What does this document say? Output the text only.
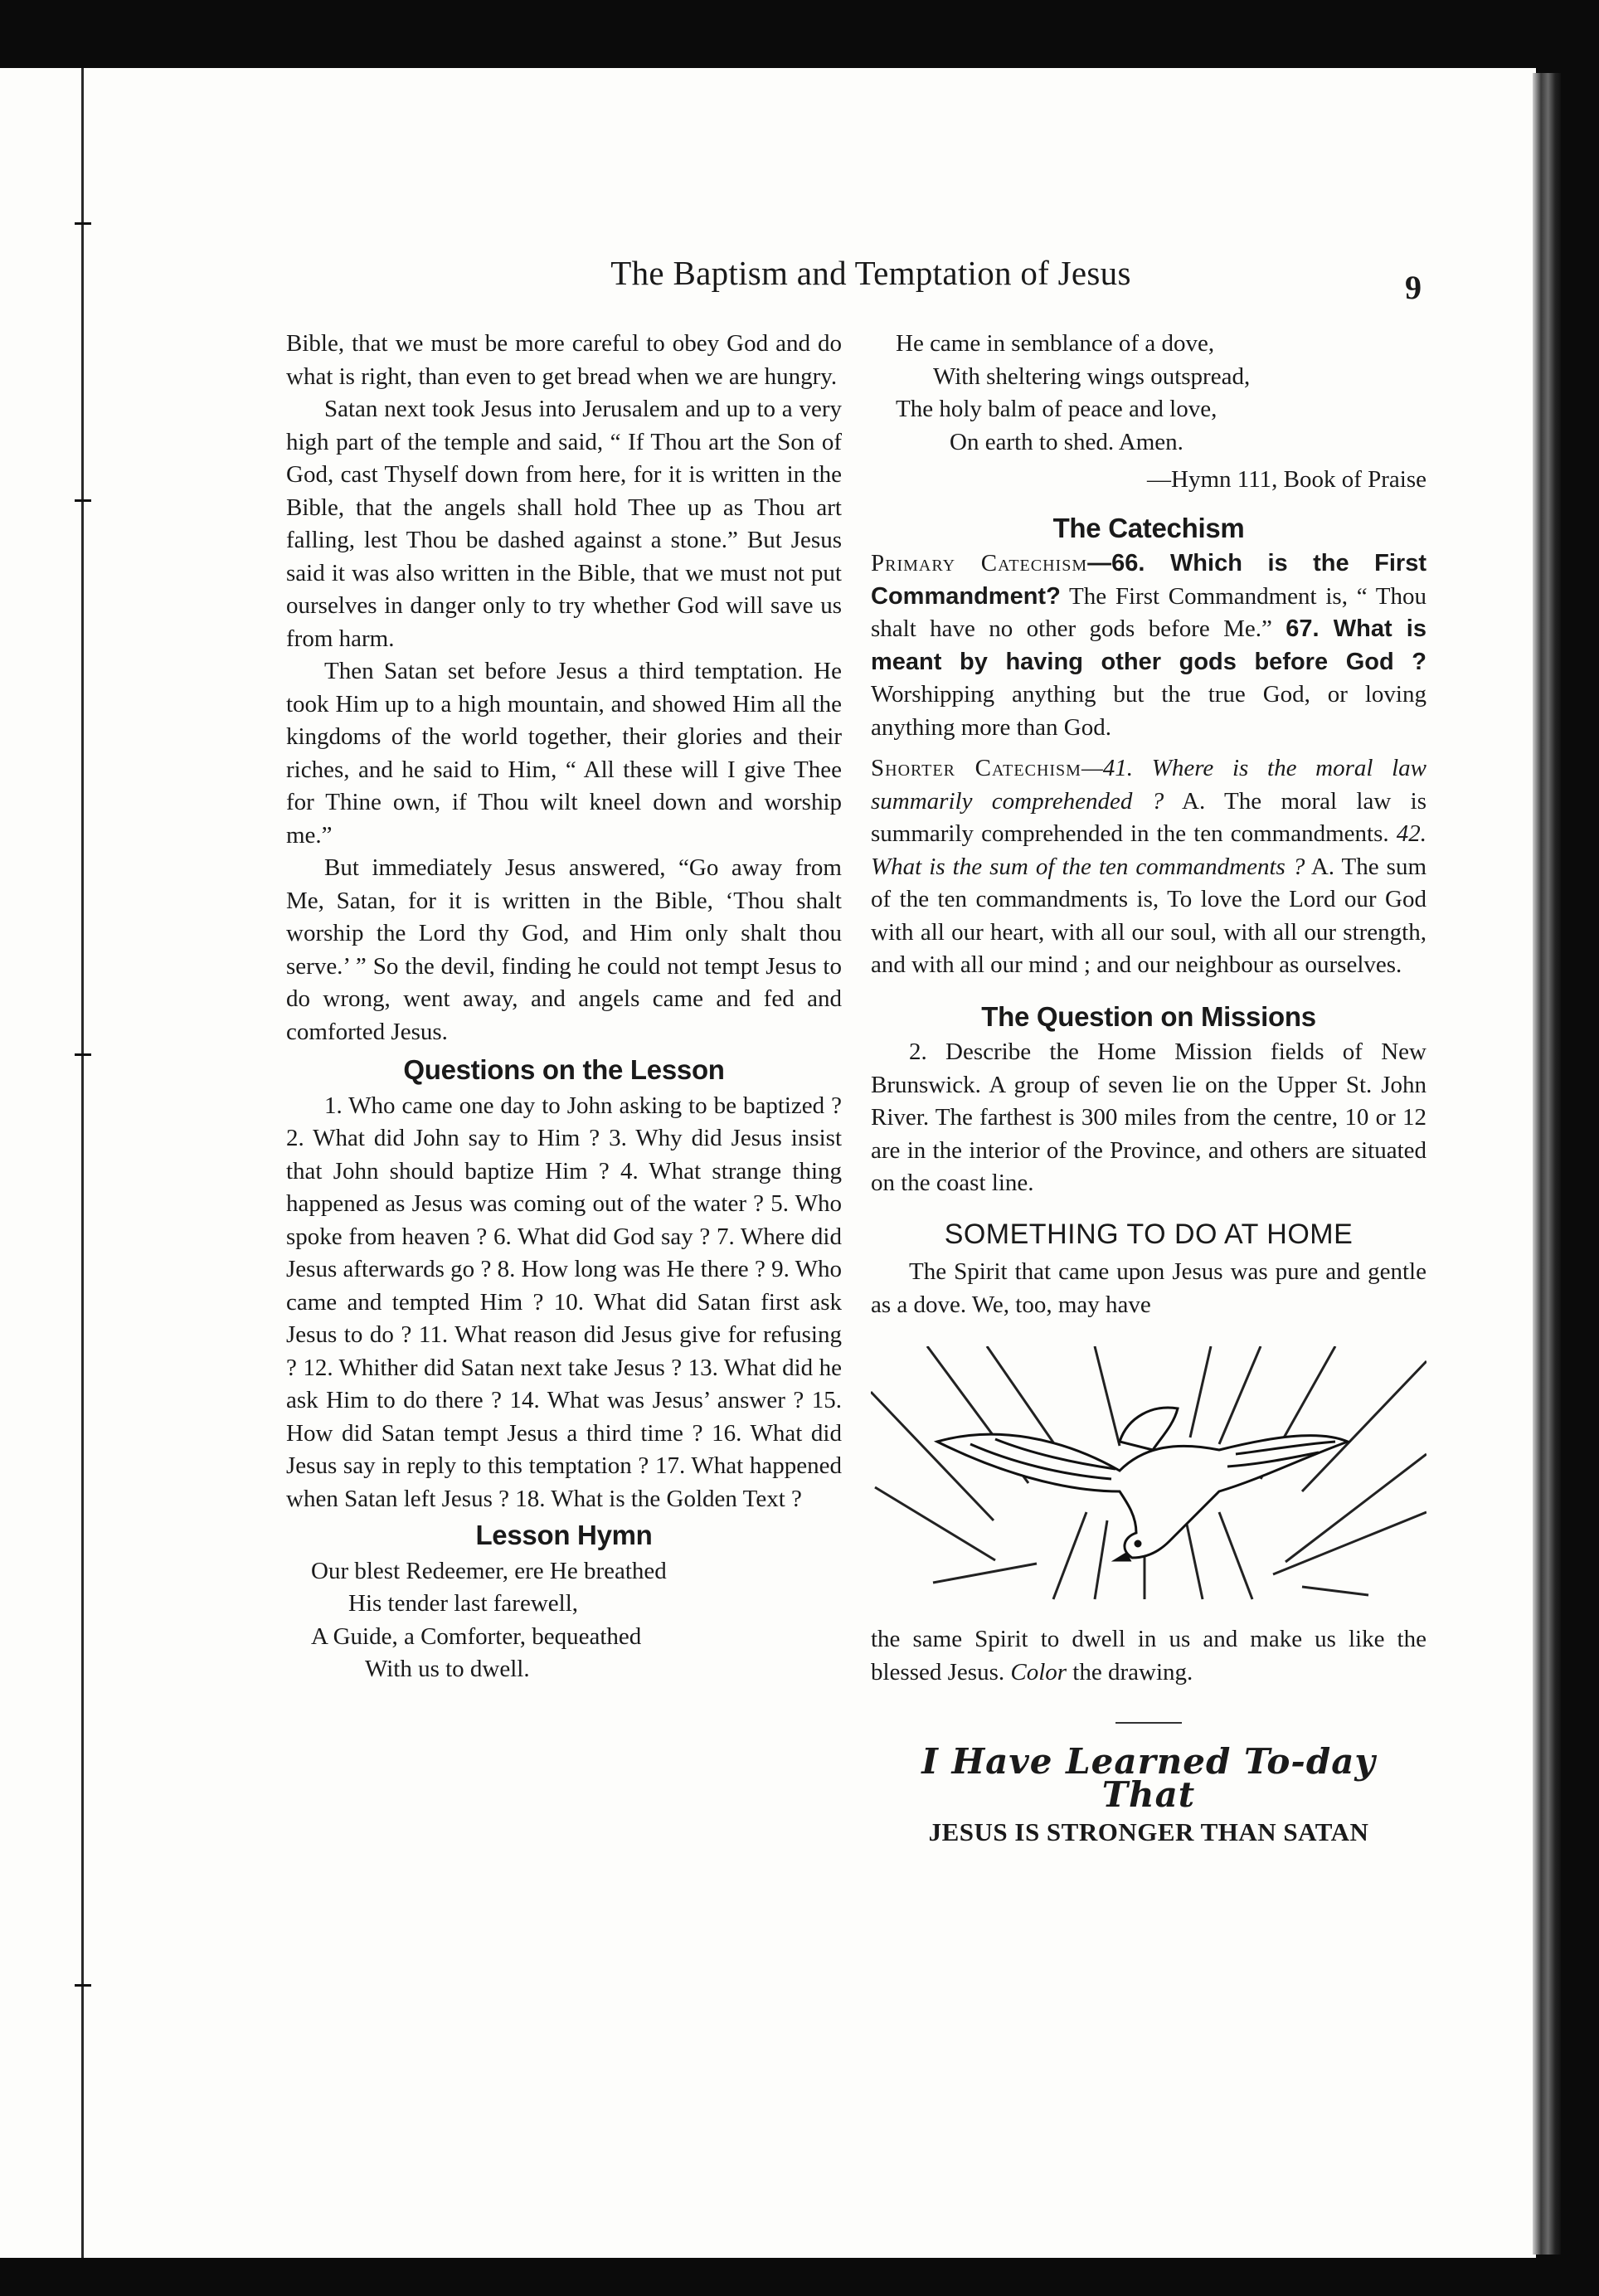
The Baptism and Temptation of Jesus	9

Bible, that we must be more careful to obey God and do what is right, than even to get bread when we are hungry.

Satan next took Jesus into Jerusalem and up to a very high part of the temple and said, “ If Thou art the Son of God, cast Thyself down from here, for it is written in the Bible, that the angels shall hold Thee up as Thou art falling, lest Thou be dashed against a stone.” But Jesus said it was also written in the Bible, that we must not put ourselves in danger only to try whether God will save us from harm.

Then Satan set before Jesus a third temptation. He took Him up to a high mountain, and showed Him all the kingdoms of the world together, their glories and their riches, and he said to Him, “ All these will I give Thee for Thine own, if Thou wilt kneel down and worship me.”

But immediately Jesus answered, “Go away from Me, Satan, for it is written in the Bible, ‘Thou shalt worship the Lord thy God, and Him only shalt thou serve.’ ” So the devil, finding he could not tempt Jesus to do wrong, went away, and angels came and fed and comforted Jesus.

Questions on the Lesson

1. Who came one day to John asking to be baptized ? 2. What did John say to Him ? 3. Why did Jesus insist that John should baptize Him ? 4. What strange thing happened as Jesus was coming out of the water ? 5. Who spoke from heaven ? 6. What did God say ? 7. Where did Jesus afterwards go ? 8. How long was He there ? 9. Who came and tempted Him ? 10. What did Satan first ask Jesus to do ? 11. What reason did Jesus give for refusing ? 12. Whither did Satan next take Jesus ? 13. What did he ask Him to do there ? 14. What was Jesus’ answer ? 15. How did Satan tempt Jesus a third time ? 16. What did Jesus say in reply to this temptation ? 17. What happened when Satan left Jesus ? 18. What is the Golden Text ?

Lesson Hymn

Our blest Redeemer, ere He breathed

His tender last farewell,

A Guide, a Comforter, bequeathed

With us to dwell.

He came in semblance of a dove,

With sheltering wings outspread,

The holy balm of peace and love,

On earth to shed. Amen.

—Hymn 111, Book of Praise

The Catechism

Primary Catechism—66. Which is the First Commandment? The First Commandment is, “ Thou shalt have no other gods before Me.” 67. What is meant by having other gods before God ? Worshipping anything but the true God, or loving anything more than God.

Shorter Catechism—41. Where is the moral law summarily comprehended ? A. The moral law is summarily comprehended in the ten commandments. 42. What is the sum of the ten commandments ? A. The sum of the ten commandments is, To love the Lord our God with all our heart, with all our soul, with all our strength, and with all our mind ; and our neighbour as ourselves.

The Question on Missions

2. Describe the Home Mission fields of New Brunswick. A group of seven lie on the Upper St. John River. The farthest is 300 miles from the centre, 10 or 12 are in the interior of the Province, and others are situated on the coast line.

SOMETHING TO DO AT HOME

The Spirit that came upon Jesus was pure and gentle as a dove. We, too, may have

the same Spirit to dwell in us and make us like the blessed Jesus. Color the drawing.

I Have Learned To-day That
JESUS IS STRONGER THAN SATAN
